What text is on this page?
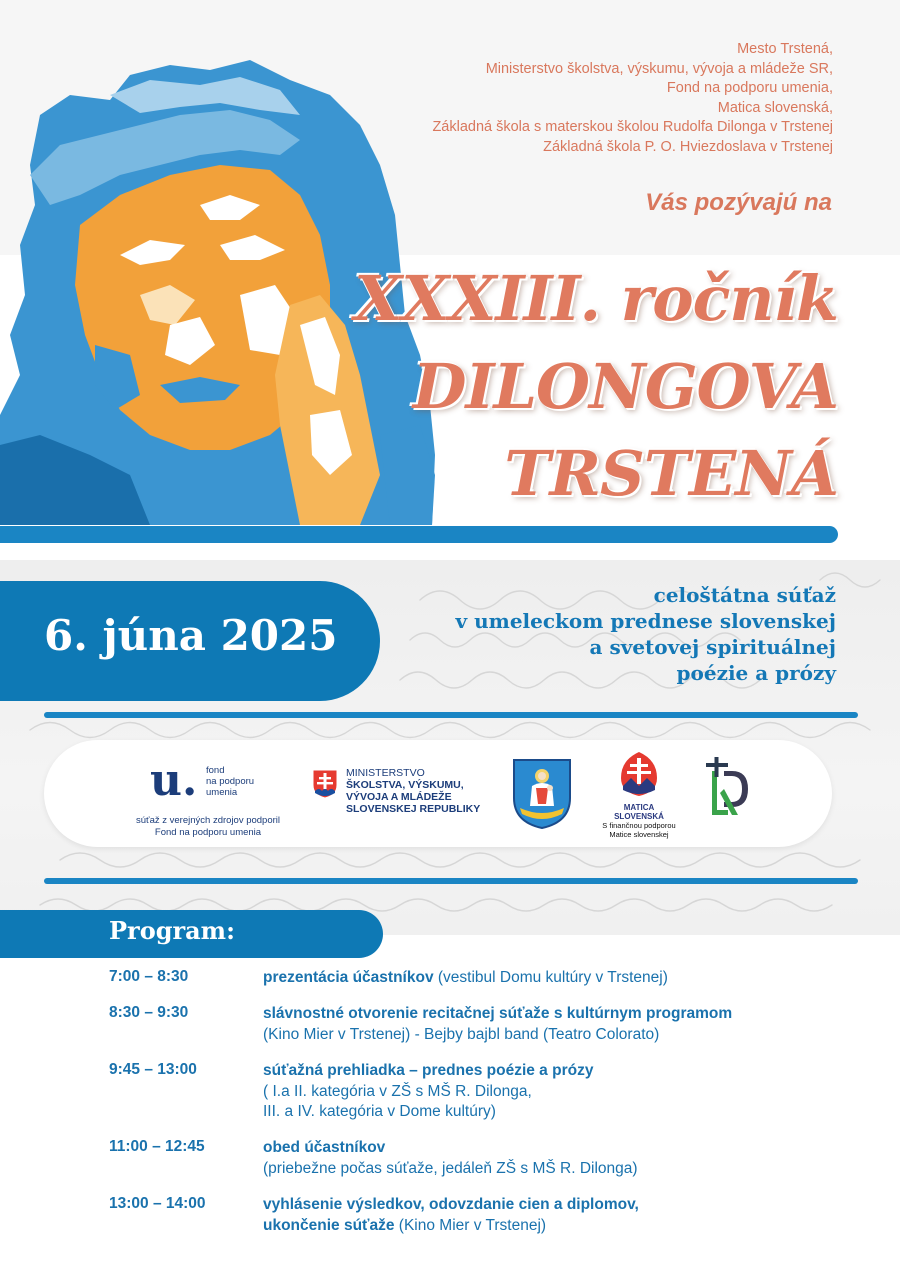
Mesto Trstená,
Ministerstvo školstva, výskumu, vývoja a mládeže SR,
Fond na podporu umenia,
Matica slovenská,
Základná škola s materskou školou Rudolfa Dilonga v Trstenej
Základná škola P. O. Hviezdoslava v Trstenej
Vás pozývajú na
XXXIII. ročník
DILONGOVA
TRSTENÁ
6. júna 2025
celoštátna súťaž
v umeleckom prednese slovenskej
a svetovej spirituálnej
poézie a prózy
u. fond
na podporu
umenia
súťaž z verejných zdrojov podporil
Fond na podporu umenia
MINISTERSTVO
ŠKOLSTVA, VÝSKUMU,
VÝVOJA A MLÁDEŽE
SLOVENSKEJ REPUBLIKY	MATICA
SLOVENSKÁ
S finančnou podporou
Matice slovenskej
Program:
7:00 – 8:30	prezentácia účastníkov (vestibul Domu kultúry v Trstenej)
8:30 – 9:30	slávnostné otvorenie recitačnej súťaže s kultúrnym programom
(Kino Mier v Trstenej) - Bejby bajbl band (Teatro Colorato)
9:45 – 13:00	súťažná prehliadka – prednes poézie a prózy
( I.a II. kategória v ZŠ s MŠ R. Dilonga,
III. a IV. kategória v Dome kultúry)
11:00 – 12:45	obed účastníkov
(priebežne počas súťaže, jedáleň ZŠ s MŠ R. Dilonga)
13:00 – 14:00	vyhlásenie výsledkov, odovzdanie cien a diplomov,
ukončenie súťaže (Kino Mier v Trstenej)
